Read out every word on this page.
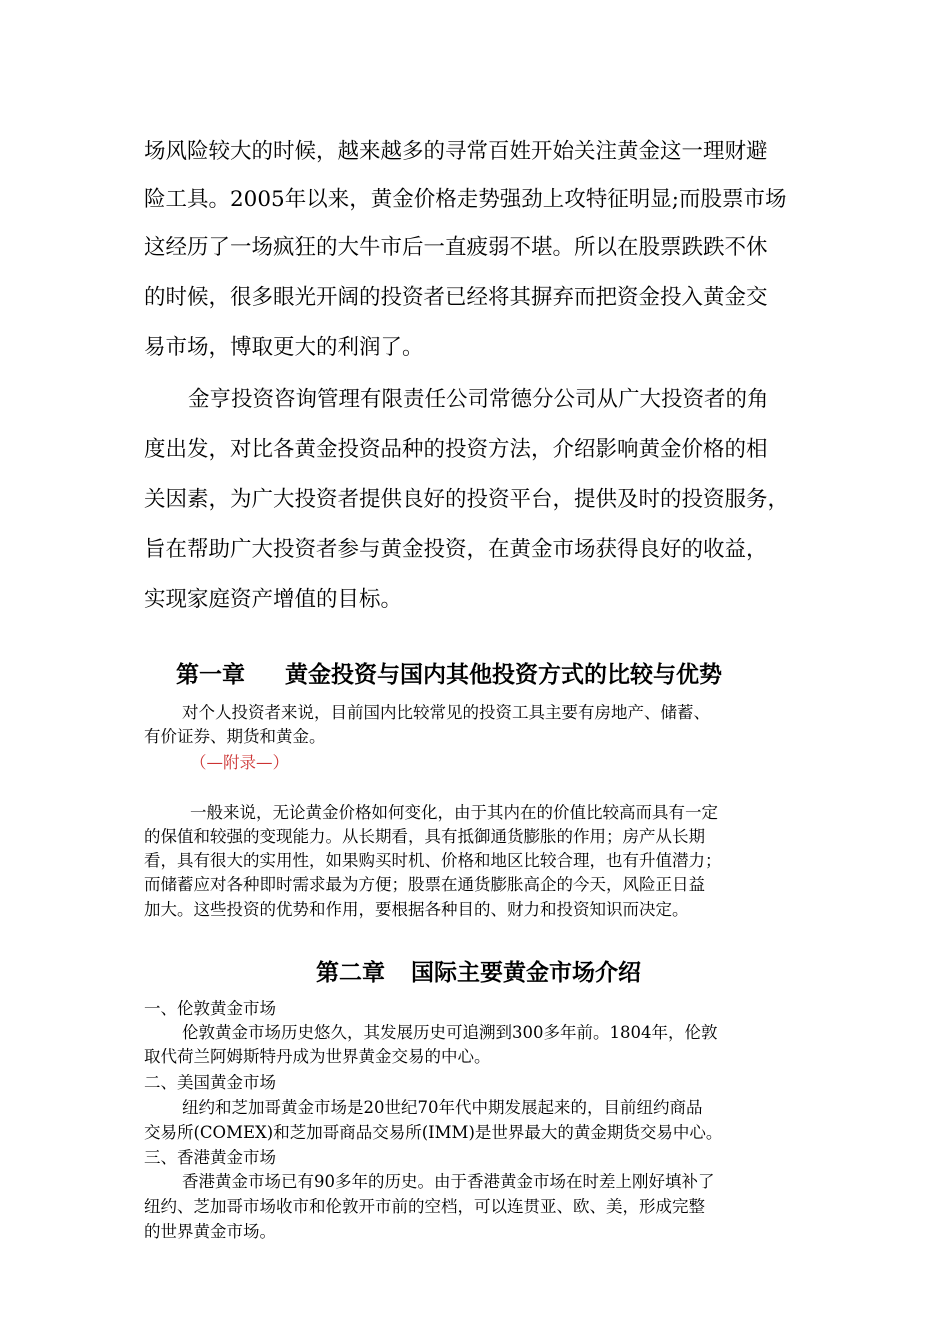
场风险较大的时候，越来越多的寻常百姓开始关注黄金这一理财避
险工具。2005年以来，黄金价格走势强劲上攻特征明显;而股票市场
这经历了一场疯狂的大牛市后一直疲弱不堪。所以在股票跌跌不休
的时候，很多眼光开阔的投资者已经将其摒弃而把资金投入黄金交
易市场，博取更大的利润了。
金亨投资咨询管理有限责任公司常德分公司从广大投资者的角
度出发，对比各黄金投资品种的投资方法，介绍影响黄金价格的相
关因素，为广大投资者提供良好的投资平台，提供及时的投资服务，
旨在帮助广大投资者参与黄金投资，在黄金市场获得良好的收益，
实现家庭资产增值的目标。
第一章 黄金投资与国内其他投资方式的比较与优势
对个人投资者来说，目前国内比较常见的投资工具主要有房地产、储蓄、
有价证券、期货和黄金。
（—附录—）
一般来说，无论黄金价格如何变化，由于其内在的价值比较高而具有一定
的保值和较强的变现能力。从长期看，具有抵御通货膨胀的作用；房产从长期
看，具有很大的实用性，如果购买时机、价格和地区比较合理，也有升值潜力；
而储蓄应对各种即时需求最为方便；股票在通货膨胀高企的今天，风险正日益
加大。这些投资的优势和作用，要根据各种目的、财力和投资知识而决定。
第二章 国际主要黄金市场介绍
一、伦敦黄金市场
伦敦黄金市场历史悠久，其发展历史可追溯到300多年前。1804年，伦敦
取代荷兰阿姆斯特丹成为世界黄金交易的中心。
二、美国黄金市场
纽约和芝加哥黄金市场是20世纪70年代中期发展起来的，目前纽约商品
交易所(COMEX)和芝加哥商品交易所(IMM)是世界最大的黄金期货交易中心。
三、香港黄金市场
香港黄金市场已有90多年的历史。由于香港黄金市场在时差上刚好填补了
纽约、芝加哥市场收市和伦敦开市前的空档，可以连贯亚、欧、美，形成完整
的世界黄金市场。
